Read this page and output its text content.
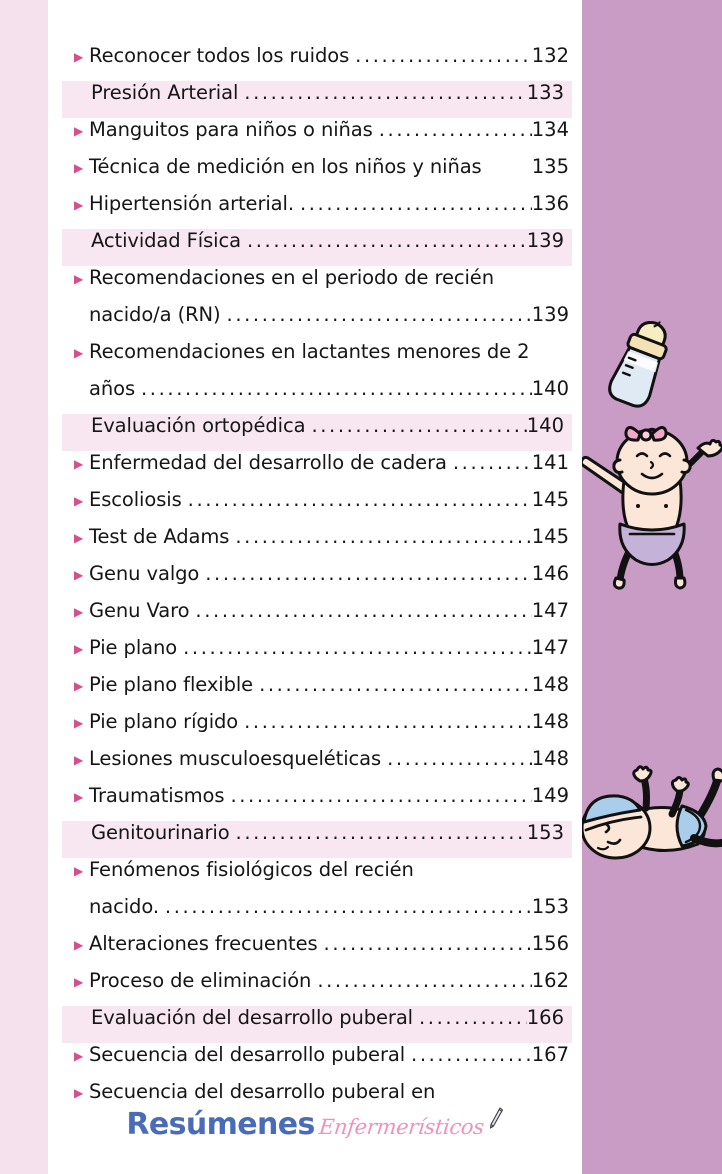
▶ Reconocer todos los ruidos .....	132
Presión Arterial .....	133
▶ Manguitos para niños o niñas .....	134
▶ Técnica de medición en los niños y niñas	135
▶ Hipertensión arterial. .....	136
Actividad Física .....	139
▶ Recomendaciones en el periodo de recién
nacido/a (RN) .....	139
▶ Recomendaciones en lactantes menores de 2
años .....	140
Evaluación ortopédica .....	140
▶ Enfermedad del desarrollo de cadera .....	141
▶ Escoliosis .....	145
▶ Test de Adams .....	145
▶ Genu valgo .....	146
▶ Genu Varo .....	147
▶ Pie plano .....	147
▶ Pie plano flexible .....	148
▶ Pie plano rígido .....	148
▶ Lesiones musculoesqueléticas .....	148
▶ Traumatismos .....	149
Genitourinario .....	153
▶ Fenómenos fisiológicos del recién
nacido. .....	153
▶ Alteraciones frecuentes .....	156
▶ Proceso de eliminación .....	162
Evaluación del desarrollo puberal .....	166
▶ Secuencia del desarrollo puberal .....	167
▶ Secuencia del desarrollo puberal en
Resúmenes Enfermerísticos
